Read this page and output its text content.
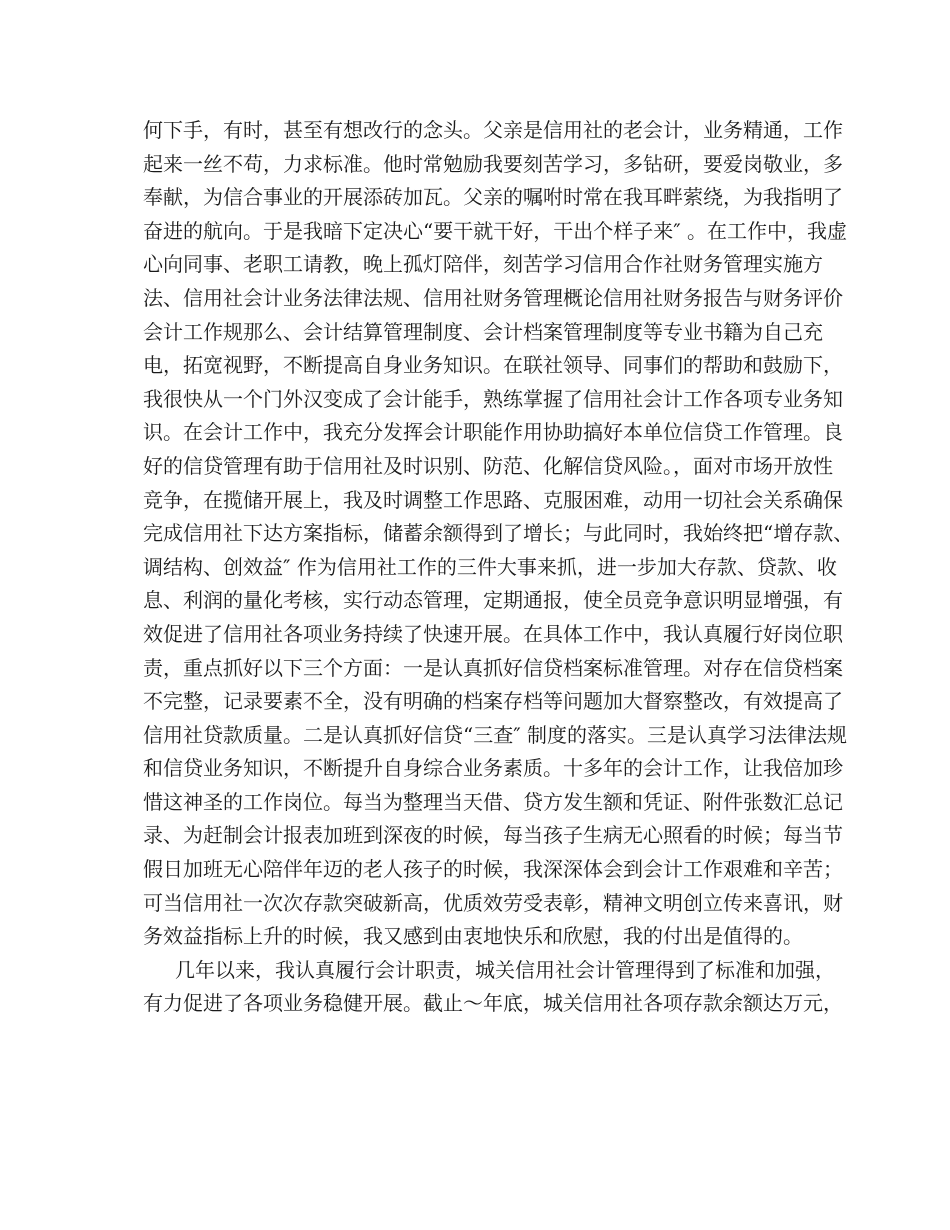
何下手，有时，甚至有想改行的念头。父亲是信用社的老会计，业务精通，工作
起来一丝不苟，力求标准。他时常勉励我要刻苦学习，多钻研，要爱岗敬业，多
奉献，为信合事业的开展添砖加瓦。父亲的嘱咐时常在我耳畔萦绕，为我指明了
奋进的航向。于是我暗下定决心“要干就干好，干出个样子来″ 。在工作中，我虚
心向同事、老职工请教，晚上孤灯陪伴，刻苦学习信用合作社财务管理实施方
法、信用社会计业务法律法规、信用社财务管理概论信用社财务报告与财务评价
会计工作规那么、会计结算管理制度、会计档案管理制度等专业书籍为自己充
电，拓宽视野，不断提高自身业务知识。在联社领导、同事们的帮助和鼓励下，
我很快从一个门外汉变成了会计能手，熟练掌握了信用社会计工作各项专业务知
识。在会计工作中，我充分发挥会计职能作用协助搞好本单位信贷工作管理。良
好的信贷管理有助于信用社及时识别、防范、化解信贷风险。，面对市场开放性
竞争，在揽储开展上，我及时调整工作思路、克服困难，动用一切社会关系确保
完成信用社下达方案指标，储蓄余额得到了增长；与此同时，我始终把“增存款、
调结构、创效益″ 作为信用社工作的三件大事来抓，进一步加大存款、贷款、收
息、利润的量化考核，实行动态管理，定期通报，使全员竞争意识明显增强，有
效促进了信用社各项业务持续了快速开展。在具体工作中，我认真履行好岗位职
责，重点抓好以下三个方面：一是认真抓好信贷档案标准管理。对存在信贷档案
不完整，记录要素不全，没有明确的档案存档等问题加大督察整改，有效提高了
信用社贷款质量。二是认真抓好信贷“三查″ 制度的落实。三是认真学习法律法规
和信贷业务知识，不断提升自身综合业务素质。十多年的会计工作，让我倍加珍
惜这神圣的工作岗位。每当为整理当天借、贷方发生额和凭证、附件张数汇总记
录、为赶制会计报表加班到深夜的时候，每当孩子生病无心照看的时候；每当节
假日加班无心陪伴年迈的老人孩子的时候，我深深体会到会计工作艰难和辛苦；
可当信用社一次次存款突破新高，优质效劳受表彰，精神文明创立传来喜讯，财
务效益指标上升的时候，我又感到由衷地快乐和欣慰，我的付出是值得的。
几年以来，我认真履行会计职责，城关信用社会计管理得到了标准和加强，
有力促进了各项业务稳健开展。截止～年底，城关信用社各项存款余额达万元，
